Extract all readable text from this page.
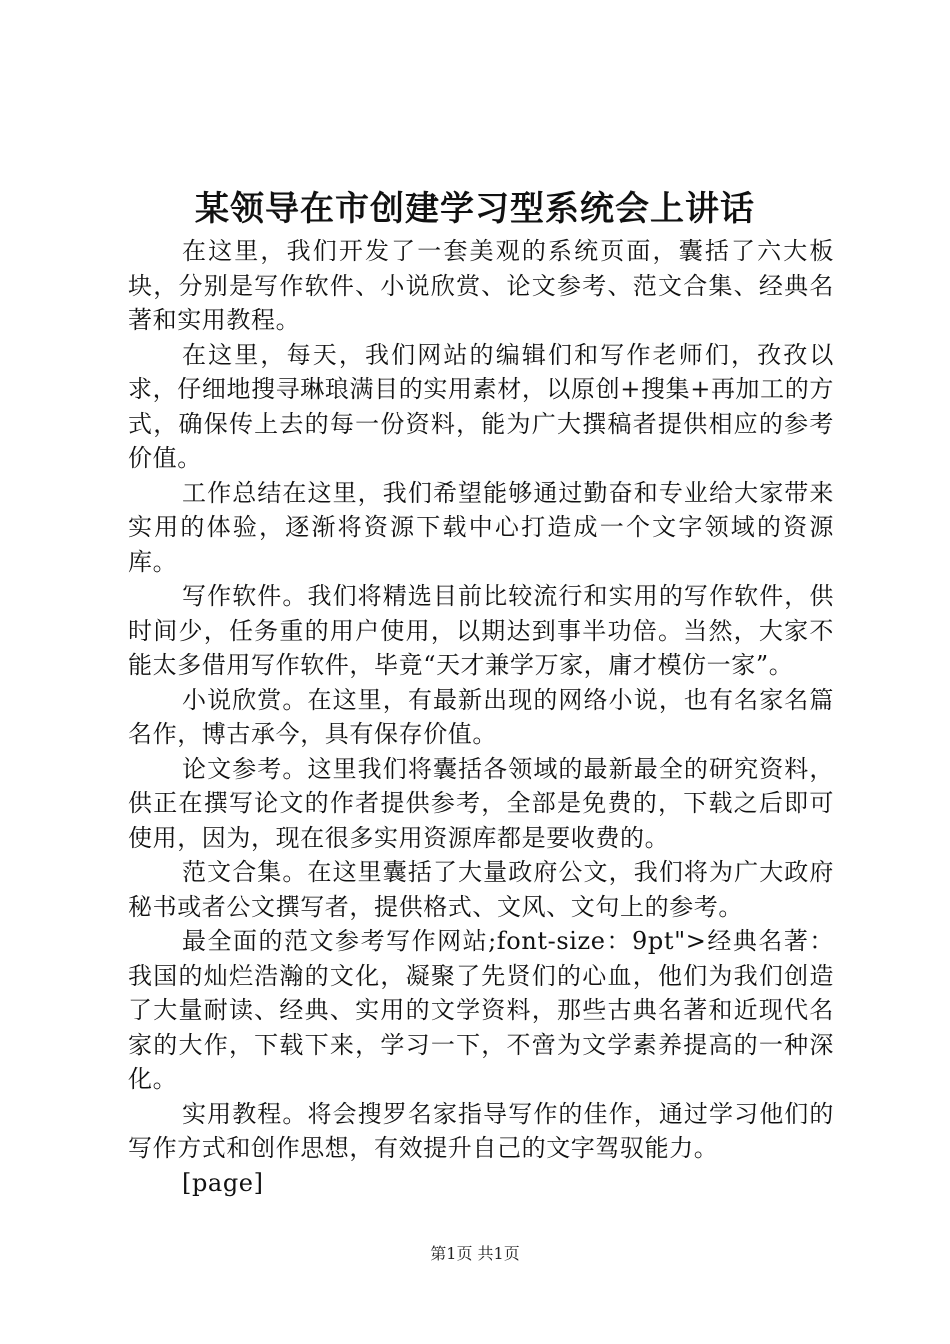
某领导在市创建学习型系统会上讲话

在这里，我们开发了一套美观的系统页面，囊括了六大板块，分别是写作软件、小说欣赏、论文参考、范文合集、经典名著和实用教程。

在这里，每天，我们网站的编辑们和写作老师们，孜孜以求，仔细地搜寻琳琅满目的实用素材，以原创+搜集+再加工的方式，确保传上去的每一份资料，能为广大撰稿者提供相应的参考价值。

工作总结在这里，我们希望能够通过勤奋和专业给大家带来实用的体验，逐渐将资源下载中心打造成一个文字领域的资源库。

写作软件。我们将精选目前比较流行和实用的写作软件，供时间少，任务重的用户使用，以期达到事半功倍。当然，大家不能太多借用写作软件，毕竟“天才兼学万家，庸才模仿一家”。

小说欣赏。在这里，有最新出现的网络小说，也有名家名篇名作，博古承今，具有保存价值。

论文参考。这里我们将囊括各领域的最新最全的研究资料，供正在撰写论文的作者提供参考，全部是免费的，下载之后即可使用，因为，现在很多实用资源库都是要收费的。

范文合集。在这里囊括了大量政府公文，我们将为广大政府秘书或者公文撰写者，提供格式、文风、文句上的参考。

最全面的范文参考写作网站;font-size：9pt">经典名著：我国的灿烂浩瀚的文化，凝聚了先贤们的心血，他们为我们创造了大量耐读、经典、实用的文学资料，那些古典名著和近现代名家的大作，下载下来，学习一下，不啻为文学素养提高的一种深化。

实用教程。将会搜罗名家指导写作的佳作，通过学习他们的写作方式和创作思想，有效提升自己的文字驾驭能力。

[page]

第1页 共1页
